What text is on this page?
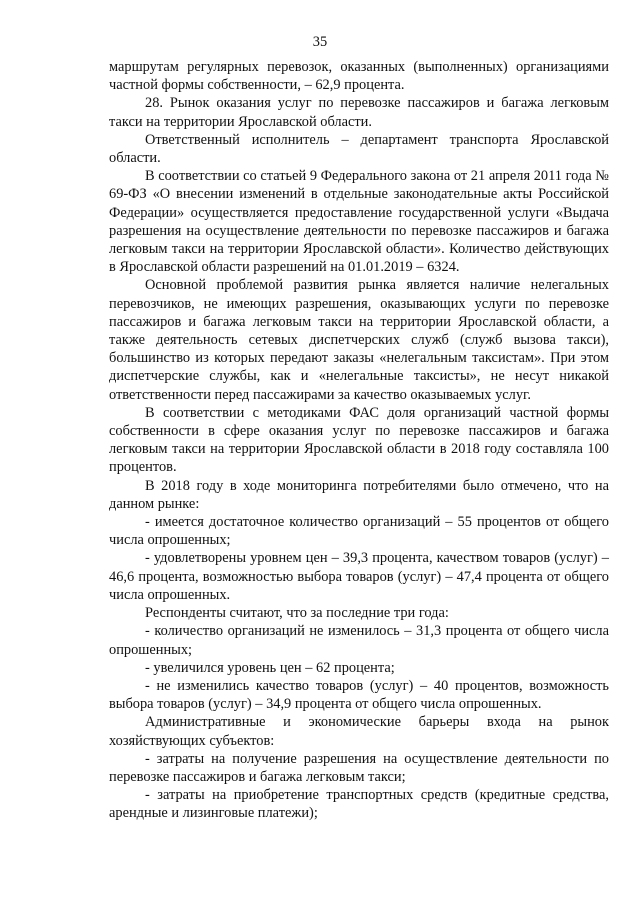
35

маршрутам регулярных перевозок, оказанных (выполненных) организациями частной формы собственности, – 62,9 процента.

28. Рынок оказания услуг по перевозке пассажиров и багажа легковым такси на территории Ярославской области.

Ответственный исполнитель – департамент транспорта Ярославской области.

В соответствии со статьей 9 Федерального закона от 21 апреля 2011 года № 69-ФЗ «О внесении изменений в отдельные законодательные акты Российской Федерации» осуществляется предоставление государственной услуги «Выдача разрешения на осуществление деятельности по перевозке пассажиров и багажа легковым такси на территории Ярославской области». Количество действующих в Ярославской области разрешений на 01.01.2019 – 6324.

Основной проблемой развития рынка является наличие нелегальных перевозчиков, не имеющих разрешения, оказывающих услуги по перевозке пассажиров и багажа легковым такси на территории Ярославской области, а также деятельность сетевых диспетчерских служб (служб вызова такси), большинство из которых передают заказы «нелегальным таксистам». При этом диспетчерские службы, как и «нелегальные таксисты», не несут никакой ответственности перед пассажирами за качество оказываемых услуг.

В соответствии с методиками ФАС доля организаций частной формы собственности в сфере оказания услуг по перевозке пассажиров и багажа легковым такси на территории Ярославской области в 2018 году составляла 100 процентов.

В 2018 году в ходе мониторинга потребителями было отмечено, что на данном рынке:

- имеется достаточное количество организаций – 55 процентов от общего числа опрошенных;

- удовлетворены уровнем цен – 39,3 процента, качеством товаров (услуг) – 46,6 процента, возможностью выбора товаров (услуг) – 47,4 процента от общего числа опрошенных.

Респонденты считают, что за последние три года:

- количество организаций не изменилось – 31,3 процента от общего числа опрошенных;

- увеличился уровень цен – 62 процента;

- не изменились качество товаров (услуг) – 40 процентов, возможность выбора товаров (услуг) – 34,9 процента от общего числа опрошенных.

Административные и экономические барьеры входа на рынок хозяйствующих субъектов:

- затраты на получение разрешения на осуществление деятельности по перевозке пассажиров и багажа легковым такси;

- затраты на приобретение транспортных средств (кредитные средства, арендные и лизинговые платежи);
